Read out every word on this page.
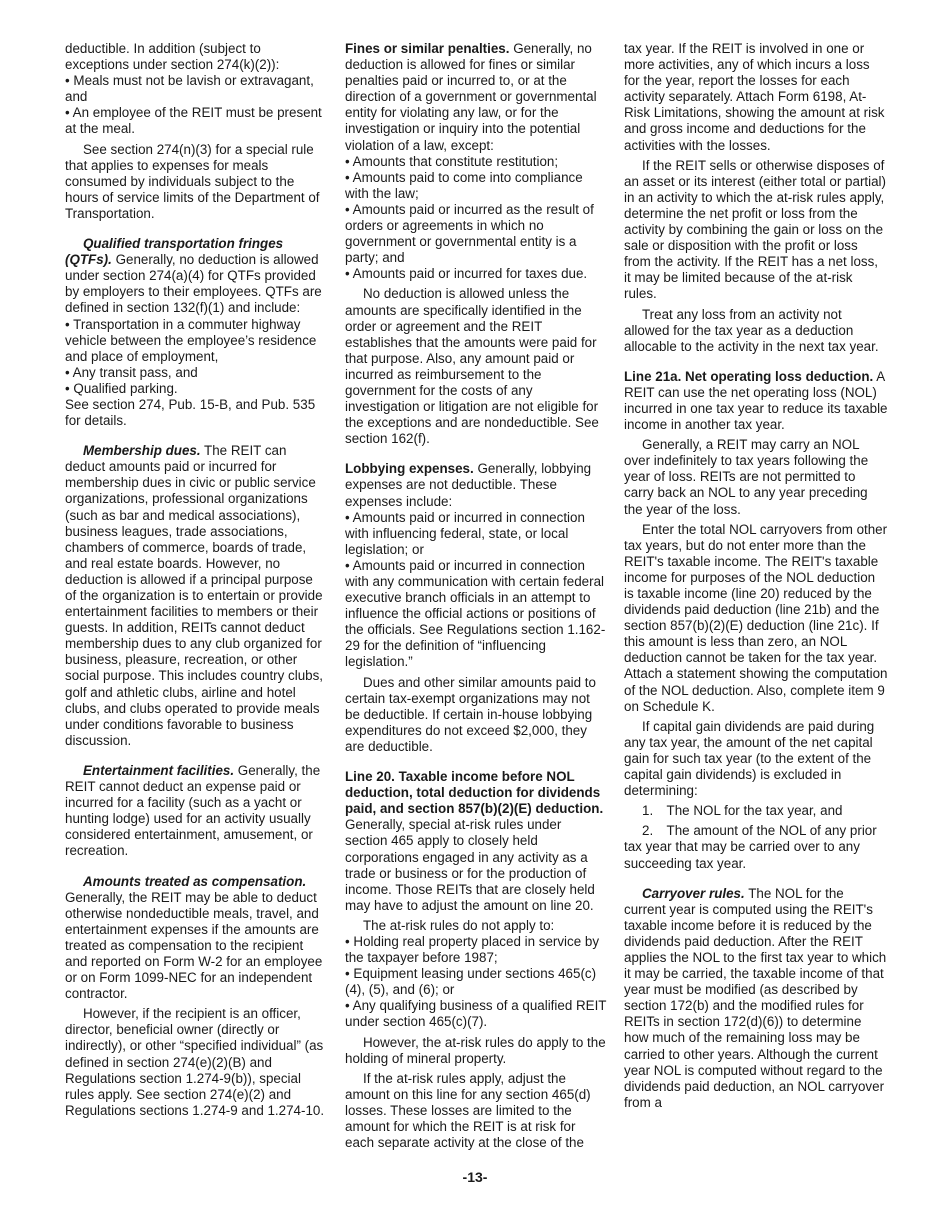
deductible. In addition (subject to exceptions under section 274(k)(2)):

• Meals must not be lavish or extravagant, and

• An employee of the REIT must be present at the meal.

See section 274(n)(3) for a special rule that applies to expenses for meals consumed by individuals subject to the hours of service limits of the Department of Transportation.

Qualified transportation fringes (QTFs). Generally, no deduction is allowed under section 274(a)(4) for QTFs provided by employers to their employees. QTFs are defined in section 132(f)(1) and include:

• Transportation in a commuter highway vehicle between the employee’s residence and place of employment,

• Any transit pass, and

• Qualified parking.

See section 274, Pub. 15-B, and Pub. 535 for details.

Membership dues. The REIT can deduct amounts paid or incurred for membership dues in civic or public service organizations, professional organizations (such as bar and medical associations), business leagues, trade associations, chambers of commerce, boards of trade, and real estate boards. However, no deduction is allowed if a principal purpose of the organization is to entertain or provide entertainment facilities to members or their guests. In addition, REITs cannot deduct membership dues to any club organized for business, pleasure, recreation, or other social purpose. This includes country clubs, golf and athletic clubs, airline and hotel clubs, and clubs operated to provide meals under conditions favorable to business discussion.

Entertainment facilities. Generally, the REIT cannot deduct an expense paid or incurred for a facility (such as a yacht or hunting lodge) used for an activity usually considered entertainment, amusement, or recreation.

Amounts treated as compensation. Generally, the REIT may be able to deduct otherwise nondeductible meals, travel, and entertainment expenses if the amounts are treated as compensation to the recipient and reported on Form W-2 for an employee or on Form 1099-NEC for an independent contractor.

However, if the recipient is an officer, director, beneficial owner (directly or indirectly), or other “specified individual” (as defined in section 274(e)(2)(B) and Regulations section 1.274-9(b)), special rules apply. See section 274(e)(2) and Regulations sections 1.274-9 and 1.274-10.

Fines or similar penalties. Generally, no deduction is allowed for fines or similar penalties paid or incurred to, or at the direction of a government or governmental entity for violating any law, or for the investigation or inquiry into the potential violation of a law, except:

• Amounts that constitute restitution;

• Amounts paid to come into compliance with the law;

• Amounts paid or incurred as the result of orders or agreements in which no government or governmental entity is a party; and

• Amounts paid or incurred for taxes due.

No deduction is allowed unless the amounts are specifically identified in the order or agreement and the REIT establishes that the amounts were paid for that purpose. Also, any amount paid or incurred as reimbursement to the government for the costs of any investigation or litigation are not eligible for the exceptions and are nondeductible. See section 162(f).

Lobbying expenses. Generally, lobbying expenses are not deductible. These expenses include:

• Amounts paid or incurred in connection with influencing federal, state, or local legislation; or

• Amounts paid or incurred in connection with any communication with certain federal executive branch officials in an attempt to influence the official actions or positions of the officials. See Regulations section 1.162-29 for the definition of “influencing legislation.”

Dues and other similar amounts paid to certain tax-exempt organizations may not be deductible. If certain in-house lobbying expenditures do not exceed $2,000, they are deductible.

Line 20. Taxable income before NOL deduction, total deduction for dividends paid, and section 857(b)(2)(E) deduction. Generally, special at-risk rules under section 465 apply to closely held corporations engaged in any activity as a trade or business or for the production of income. Those REITs that are closely held may have to adjust the amount on line 20.

The at-risk rules do not apply to:

• Holding real property placed in service by the taxpayer before 1987;

• Equipment leasing under sections 465(c)(4), (5), and (6); or

• Any qualifying business of a qualified REIT under section 465(c)(7).

However, the at-risk rules do apply to the holding of mineral property.

If the at-risk rules apply, adjust the amount on this line for any section 465(d) losses. These losses are limited to the amount for which the REIT is at risk for each separate activity at the close of the

tax year. If the REIT is involved in one or more activities, any of which incurs a loss for the year, report the losses for each activity separately. Attach Form 6198, At-Risk Limitations, showing the amount at risk and gross income and deductions for the activities with the losses.

If the REIT sells or otherwise disposes of an asset or its interest (either total or partial) in an activity to which the at-risk rules apply, determine the net profit or loss from the activity by combining the gain or loss on the sale or disposition with the profit or loss from the activity. If the REIT has a net loss, it may be limited because of the at-risk rules.

Treat any loss from an activity not allowed for the tax year as a deduction allocable to the activity in the next tax year.

Line 21a. Net operating loss deduction. A REIT can use the net operating loss (NOL) incurred in one tax year to reduce its taxable income in another tax year.

Generally, a REIT may carry an NOL over indefinitely to tax years following the year of loss. REITs are not permitted to carry back an NOL to any year preceding the year of the loss.

Enter the total NOL carryovers from other tax years, but do not enter more than the REIT's taxable income. The REIT's taxable income for purposes of the NOL deduction is taxable income (line 20) reduced by the dividends paid deduction (line 21b) and the section 857(b)(2)(E) deduction (line 21c). If this amount is less than zero, an NOL deduction cannot be taken for the tax year. Attach a statement showing the computation of the NOL deduction. Also, complete item 9 on Schedule K.

If capital gain dividends are paid during any tax year, the amount of the net capital gain for such tax year (to the extent of the capital gain dividends) is excluded in determining:

1. The NOL for the tax year, and

2. The amount of the NOL of any prior tax year that may be carried over to any succeeding tax year.

Carryover rules. The NOL for the current year is computed using the REIT's taxable income before it is reduced by the dividends paid deduction. After the REIT applies the NOL to the first tax year to which it may be carried, the taxable income of that year must be modified (as described by section 172(b) and the modified rules for REITs in section 172(d)(6)) to determine how much of the remaining loss may be carried to other years. Although the current year NOL is computed without regard to the dividends paid deduction, an NOL carryover from a

-13-
